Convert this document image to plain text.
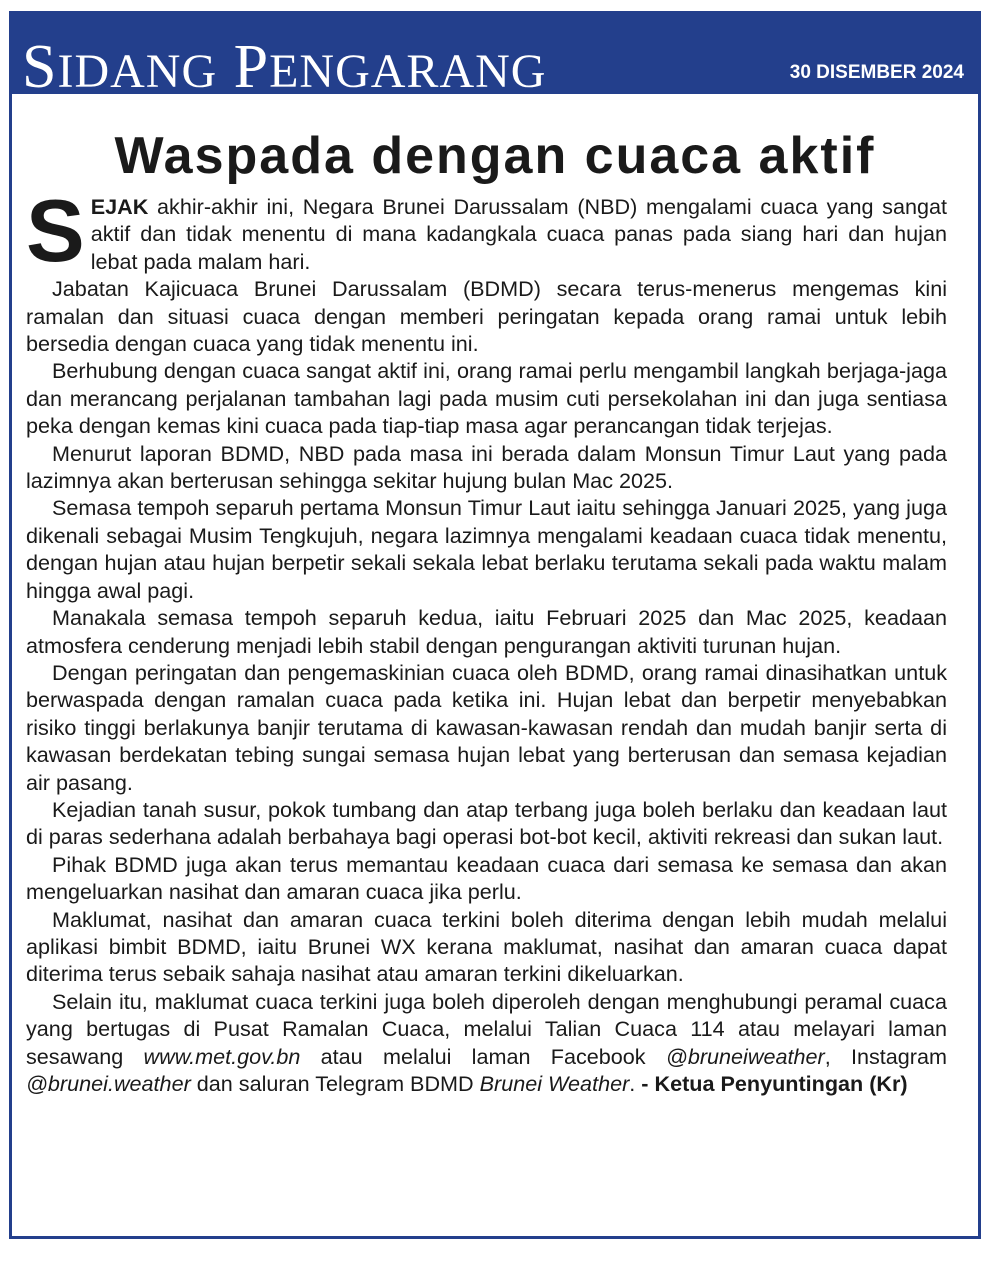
SIDANG PENGARANG	30 DISEMBER 2024
Waspada dengan cuaca aktif

SEJAK akhir-akhir ini, Negara Brunei Darussalam (NBD) mengalami cuaca yang sangat aktif dan tidak menentu di mana kadangkala cuaca panas pada siang hari dan hujan lebat pada malam hari.

Jabatan Kajicuaca Brunei Darussalam (BDMD) secara terus-menerus mengemas kini ramalan dan situasi cuaca dengan memberi peringatan kepada orang ramai untuk lebih bersedia dengan cuaca yang tidak menentu ini.

Berhubung dengan cuaca sangat aktif ini, orang ramai perlu mengambil langkah berjaga-jaga dan merancang perjalanan tambahan lagi pada musim cuti persekolahan ini dan juga sentiasa peka dengan kemas kini cuaca pada tiap-tiap masa agar perancangan tidak terjejas.

Menurut laporan BDMD, NBD pada masa ini berada dalam Monsun Timur Laut yang pada lazimnya akan berterusan sehingga sekitar hujung bulan Mac 2025.

Semasa tempoh separuh pertama Monsun Timur Laut iaitu sehingga Januari 2025, yang juga dikenali sebagai Musim Tengkujuh, negara lazimnya mengalami keadaan cuaca tidak menentu, dengan hujan atau hujan berpetir sekali sekala lebat berlaku terutama sekali pada waktu malam hingga awal pagi.

Manakala semasa tempoh separuh kedua, iaitu Februari 2025 dan Mac 2025, keadaan atmosfera cenderung menjadi lebih stabil dengan pengurangan aktiviti turunan hujan.

Dengan peringatan dan pengemaskinian cuaca oleh BDMD, orang ramai dinasihatkan untuk berwaspada dengan ramalan cuaca pada ketika ini. Hujan lebat dan berpetir menyebabkan risiko tinggi berlakunya banjir terutama di kawasan-kawasan rendah dan mudah banjir serta di kawasan berdekatan tebing sungai semasa hujan lebat yang berterusan dan semasa kejadian air pasang.

Kejadian tanah susur, pokok tumbang dan atap terbang juga boleh berlaku dan keadaan laut di paras sederhana adalah berbahaya bagi operasi bot-bot kecil, aktiviti rekreasi dan sukan laut.

Pihak BDMD juga akan terus memantau keadaan cuaca dari semasa ke semasa dan akan mengeluarkan nasihat dan amaran cuaca jika perlu.

Maklumat, nasihat dan amaran cuaca terkini boleh diterima dengan lebih mudah melalui aplikasi bimbit BDMD, iaitu Brunei WX kerana maklumat, nasihat dan amaran cuaca dapat diterima terus sebaik sahaja nasihat atau amaran terkini dikeluarkan.

Selain itu, maklumat cuaca terkini juga boleh diperoleh dengan menghubungi peramal cuaca yang bertugas di Pusat Ramalan Cuaca, melalui Talian Cuaca 114 atau melayari laman sesawang www.met.gov.bn atau melalui laman Facebook @bruneiweather, Instagram @brunei.weather dan saluran Telegram BDMD Brunei Weather. - Ketua Penyuntingan (Kr)
